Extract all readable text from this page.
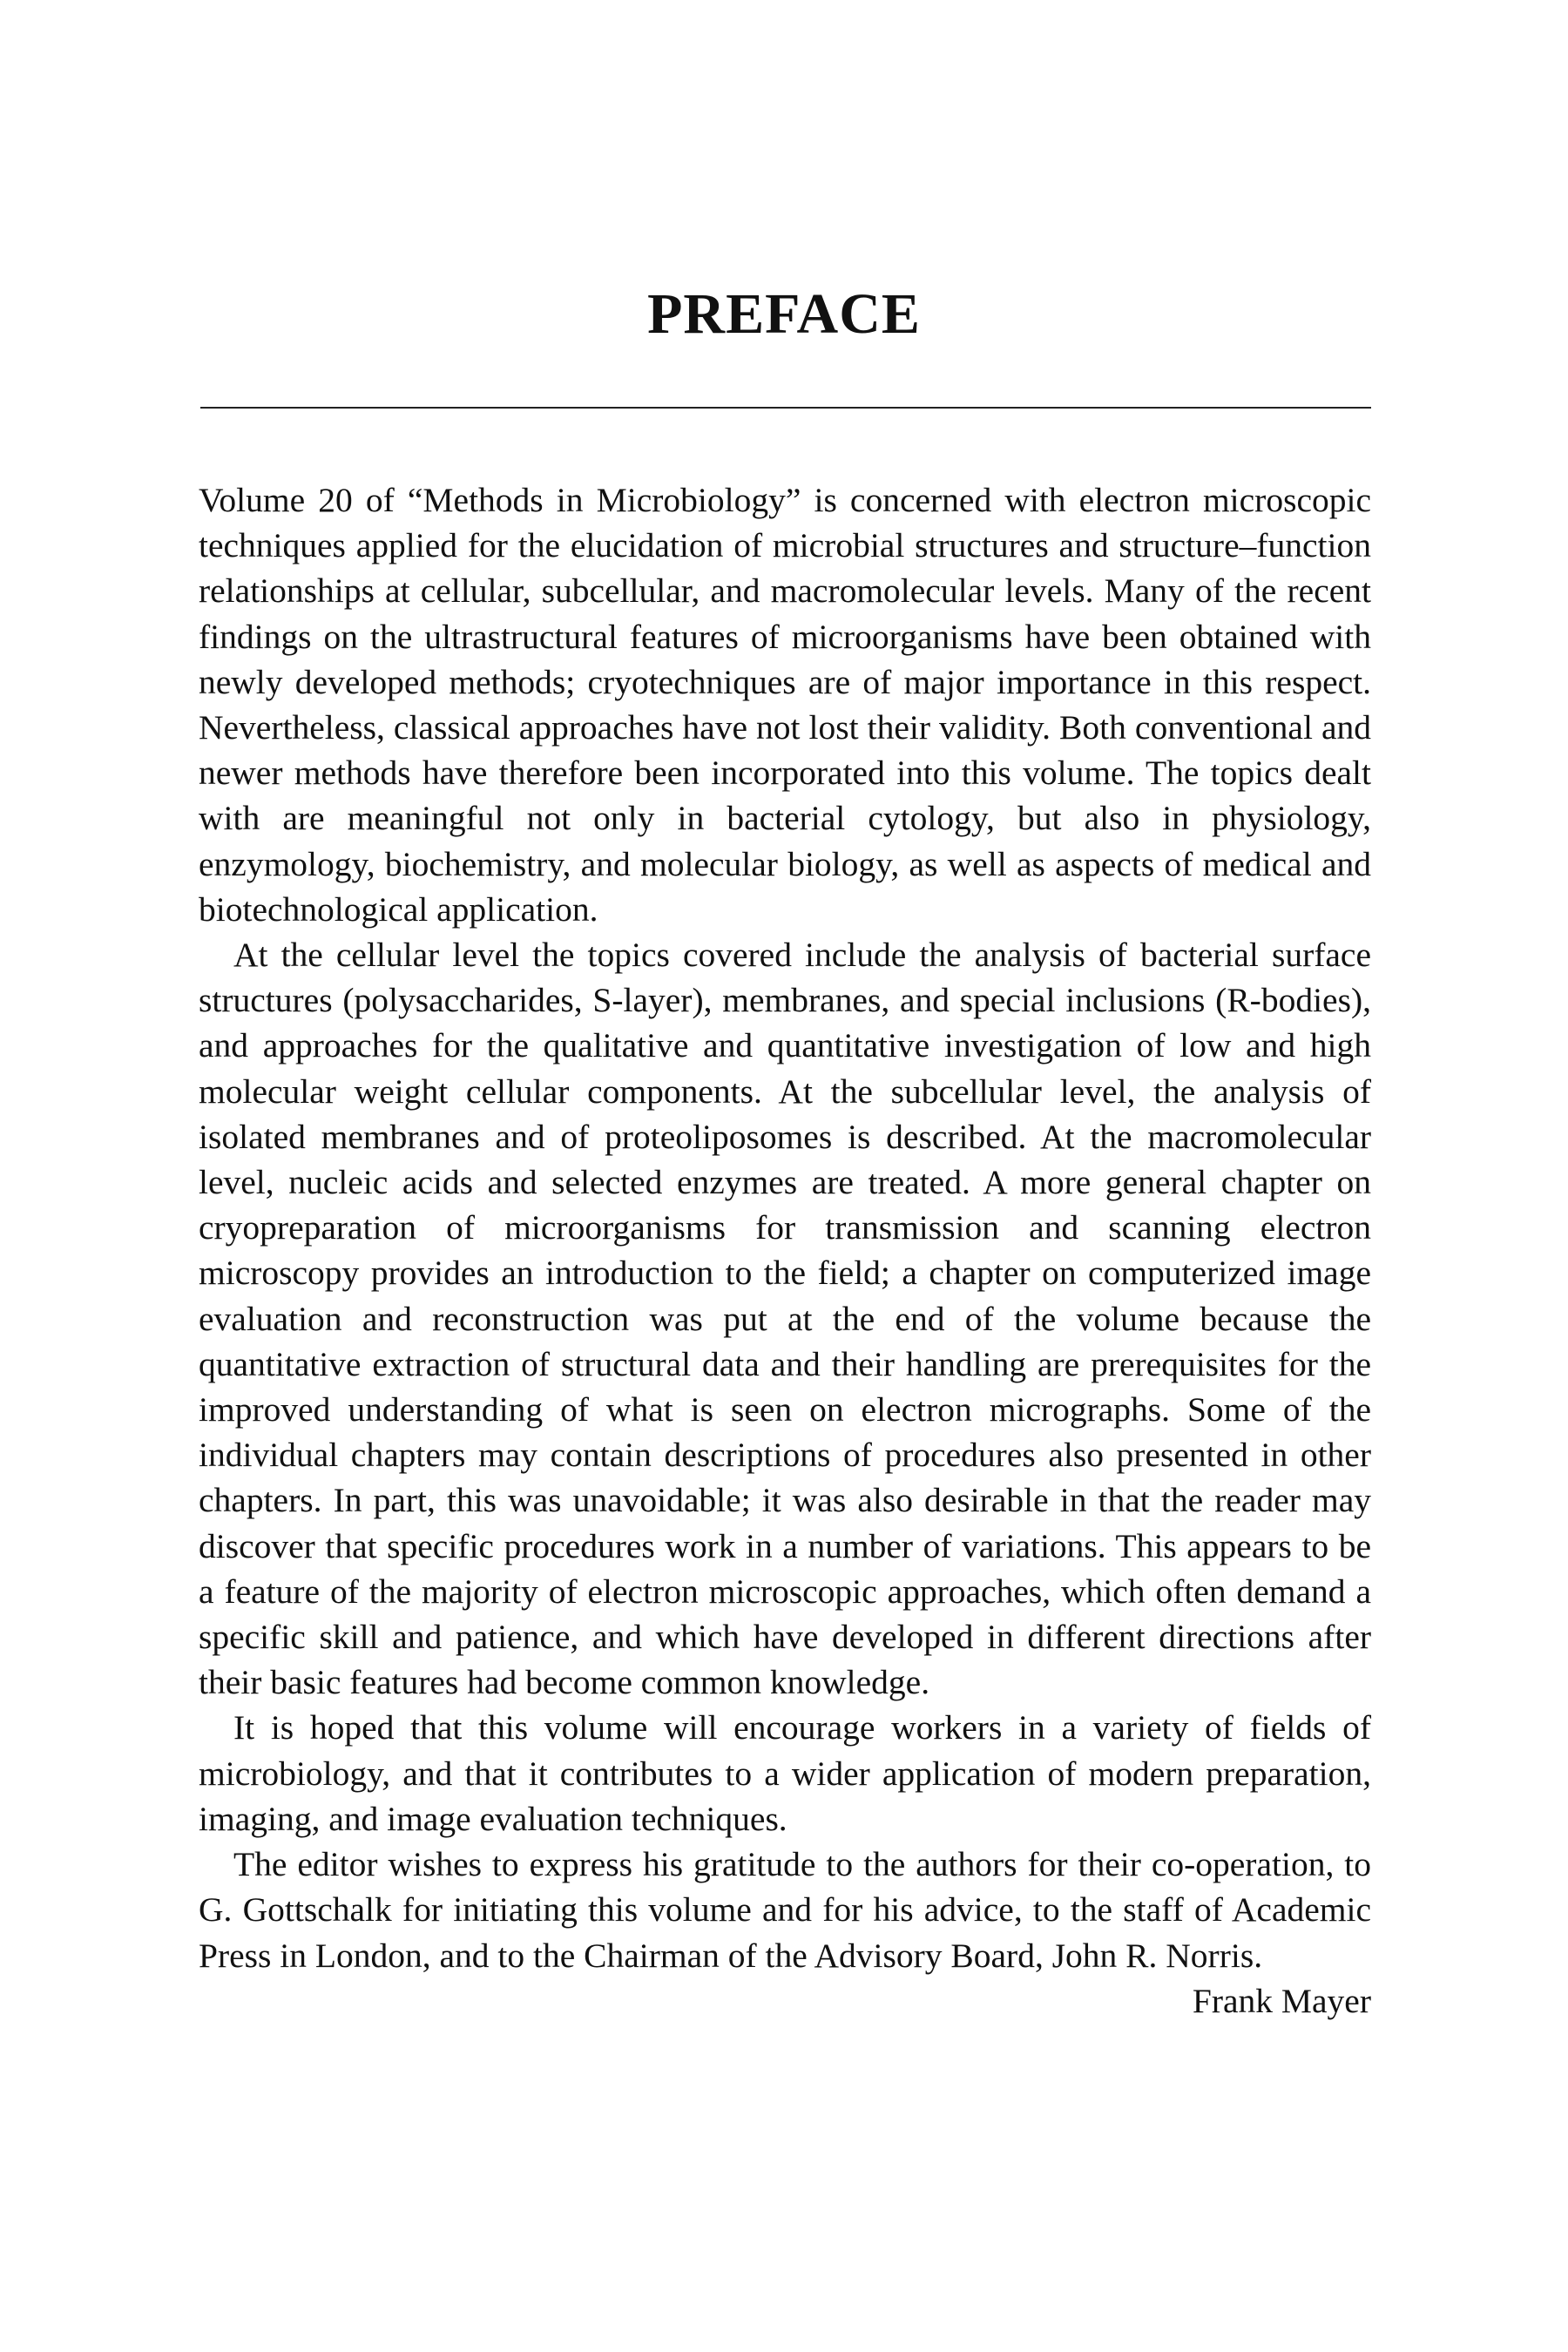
PREFACE

Volume 20 of “Methods in Microbiology” is concerned with electron microscopic techniques applied for the elucidation of microbial structures and structure–function relationships at cellular, subcellular, and macromolecular levels. Many of the recent findings on the ultrastructural features of microorganisms have been obtained with newly developed methods; cryotechniques are of major importance in this respect. Nevertheless, classical approaches have not lost their validity. Both conventional and newer methods have therefore been incorporated into this volume. The topics dealt with are meaningful not only in bacterial cytology, but also in physiology, enzymology, biochemistry, and molecular biology, as well as aspects of medical and biotechnological application.

At the cellular level the topics covered include the analysis of bacterial surface structures (polysaccharides, S-layer), membranes, and special inclusions (R-bodies), and approaches for the qualitative and quantitative investigation of low and high molecular weight cellular components. At the subcellular level, the analysis of isolated membranes and of proteoliposomes is described. At the macromolecular level, nucleic acids and selected enzymes are treated. A more general chapter on cryopreparation of microorganisms for transmission and scanning electron microscopy provides an introduction to the field; a chapter on computerized image evaluation and reconstruction was put at the end of the volume because the quantitative extraction of structural data and their handling are prerequisites for the improved understanding of what is seen on electron micrographs. Some of the individual chapters may contain descriptions of procedures also presented in other chapters. In part, this was unavoidable; it was also desirable in that the reader may discover that specific procedures work in a number of variations. This appears to be a feature of the majority of electron microscopic approaches, which often demand a specific skill and patience, and which have developed in different directions after their basic features had become common knowledge.

It is hoped that this volume will encourage workers in a variety of fields of microbiology, and that it contributes to a wider application of modern preparation, imaging, and image evaluation techniques.

The editor wishes to express his gratitude to the authors for their co-operation, to G. Gottschalk for initiating this volume and for his advice, to the staff of Academic Press in London, and to the Chairman of the Advisory Board, John R. Norris.

Frank Mayer
